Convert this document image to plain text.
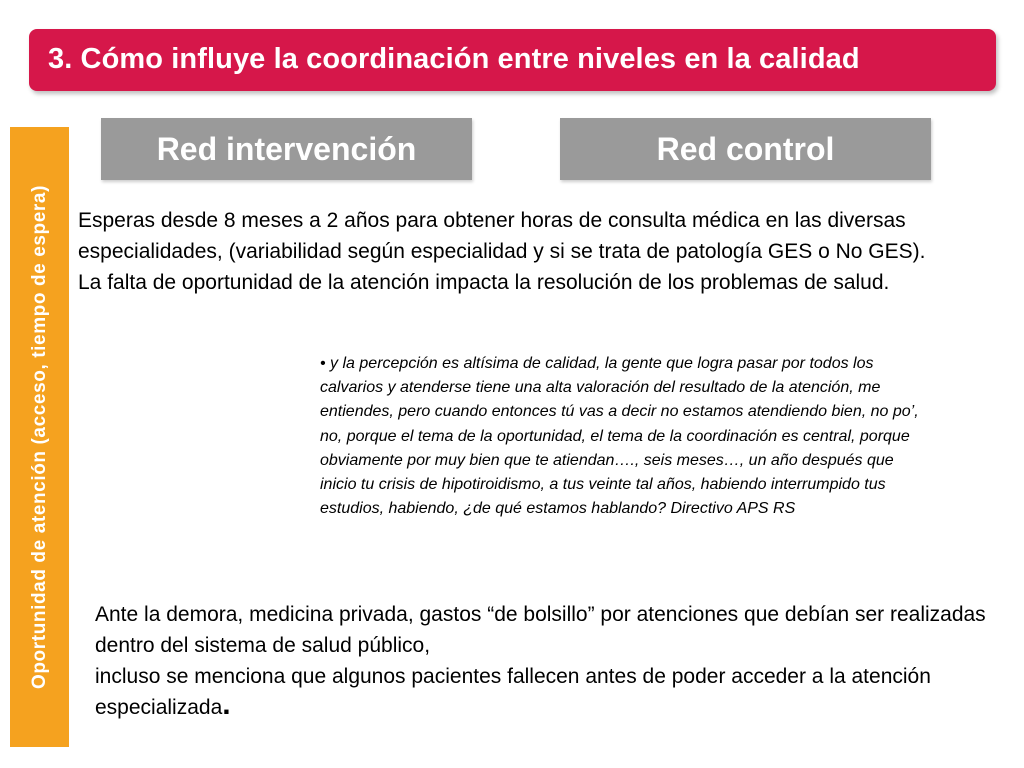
3. Cómo influye la coordinación entre niveles en la calidad
Oportunidad de atención (acceso, tiempo de espera)
Red intervención	Red control

Esperas desde 8 meses a 2 años para obtener horas de consulta médica en las diversas especialidades, (variabilidad según especialidad y si se trata de patología GES o No GES).

La falta de oportunidad de la atención impacta la resolución de los problemas de salud.

• y la percepción es altísima de calidad, la gente que logra pasar por todos los calvarios y atenderse tiene una alta valoración del resultado de la atención, me entiendes, pero cuando entonces tú vas a decir no estamos atendiendo bien, no po’, no, porque el tema de la oportunidad, el tema de la coordinación es central, porque obviamente por muy bien que te atiendan…., seis meses…, un año después que inicio tu crisis de hipotiroidismo, a tus veinte tal años, habiendo interrumpido tus estudios, habiendo, ¿de qué estamos hablando? Directivo APS RS

Ante la demora, medicina privada, gastos “de bolsillo” por atenciones que debían ser realizadas dentro del sistema de salud público,

incluso se menciona que algunos pacientes fallecen antes de poder acceder a la atención especializada.
